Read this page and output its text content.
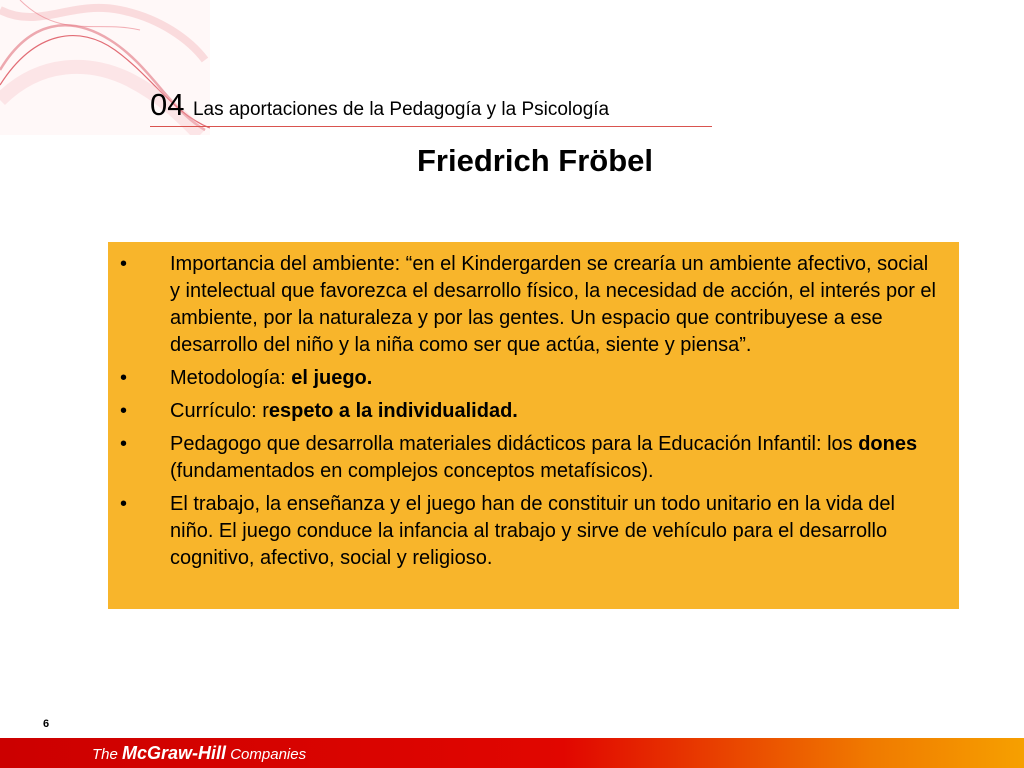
04 Las aportaciones de la Pedagogía y la Psicología
Friedrich Fröbel
•	Importancia del ambiente: “en el Kindergarden se crearía un ambiente afectivo, social y intelectual que favorezca el desarrollo físico, la necesidad de acción, el interés por el ambiente, por la naturaleza y por las gentes. Un espacio que contribuyese a ese desarrollo del niño y la niña como ser que actúa, siente y piensa”.
•	Metodología: el juego.
•	Currículo: respeto a la individualidad.
•	Pedagogo que desarrolla materiales didácticos para la Educación Infantil: los dones (fundamentados en complejos conceptos metafísicos).
•	El trabajo, la enseñanza y el juego han de constituir un todo unitario en la vida del niño. El juego conduce la infancia al trabajo y sirve de vehículo para el desarrollo cognitivo, afectivo, social y religioso.
6
The McGraw-Hill Companies
